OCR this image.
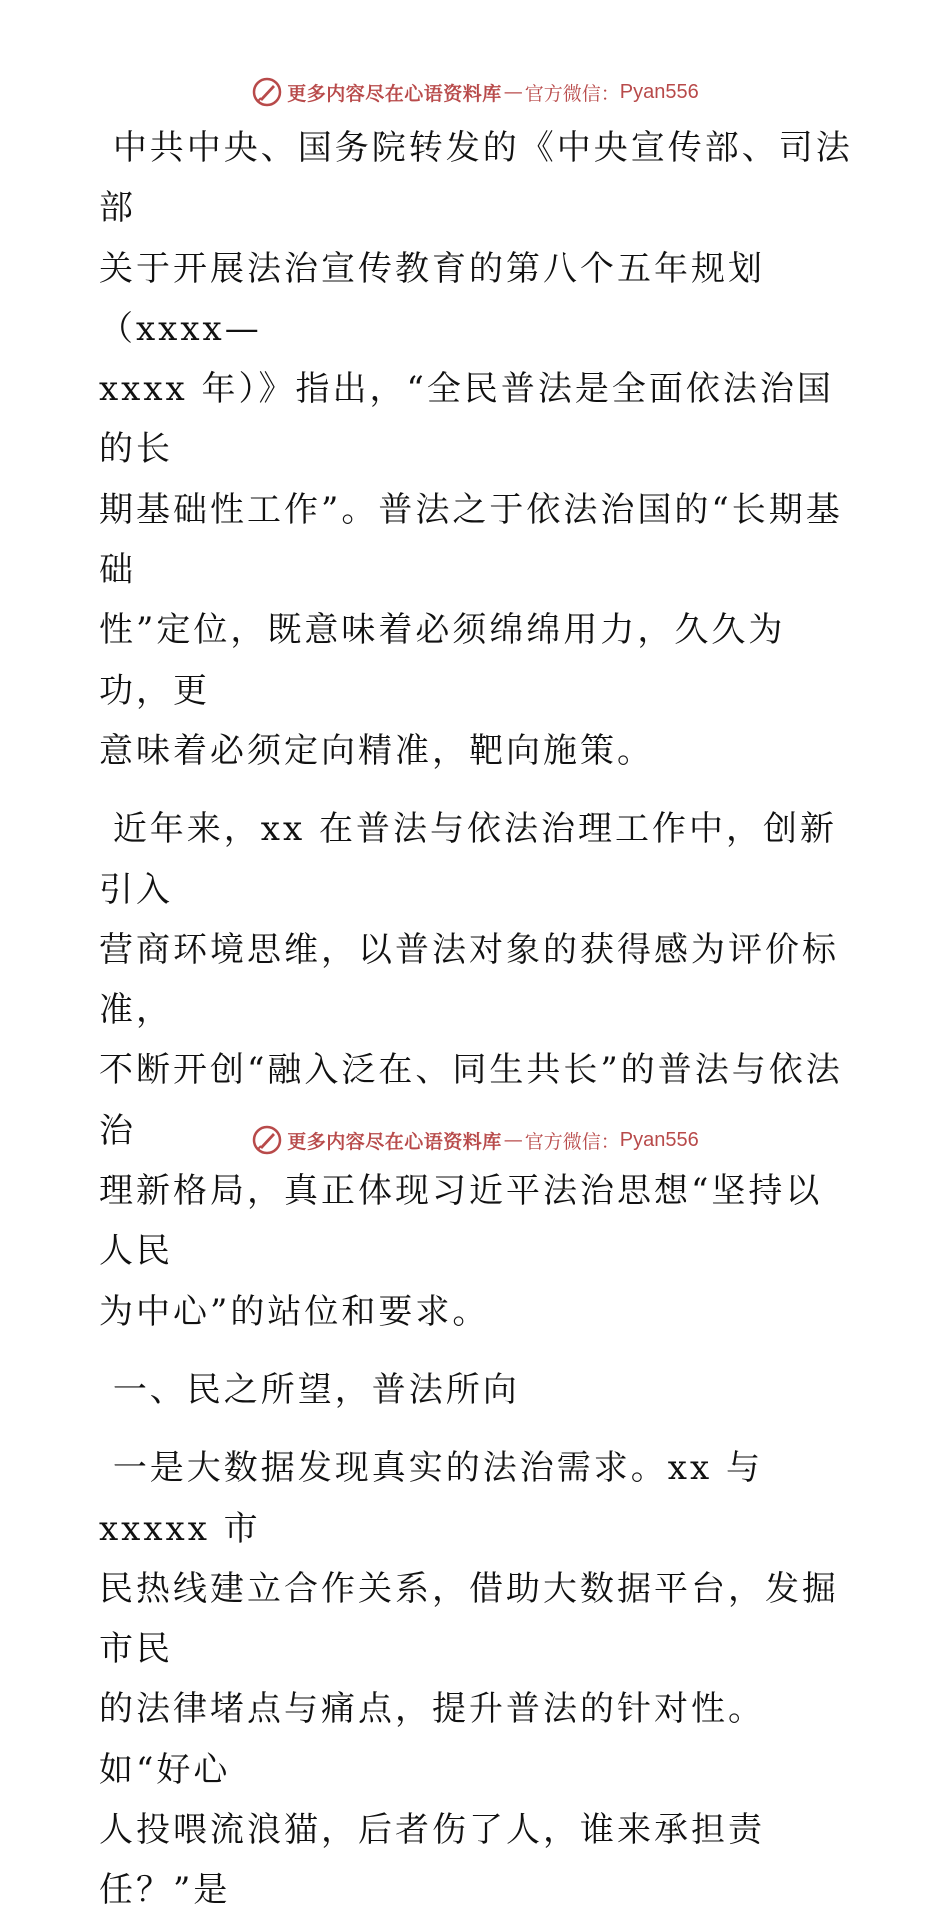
更多内容尽在心语资料库 — 官方微信： Pyan556

中共中央、国务院转发的《中央宣传部、司法部
关于开展法治宣传教育的第八个五年规划（xxxx—
xxxx 年）》指出，“全民普法是全面依法治国的长
期基础性工作”。普法之于依法治国的“长期基础
性”定位，既意味着必须绵绵用力，久久为功，更
意味着必须定向精准，靶向施策。

近年来，xx 在普法与依法治理工作中，创新引入
营商环境思维，以普法对象的获得感为评价标准，
不断开创“融入泛在、同生共长”的普法与依法治
理新格局，真正体现习近平法治思想“坚持以人民
为中心”的站位和要求。

一、民之所望，普法所向

一是大数据发现真实的法治需求。xx 与 xxxxx 市
民热线建立合作关系，借助大数据平台，发掘市民
的法律堵点与痛点，提升普法的针对性。如“好心
人投喂流浪猫，后者伤了人，谁来承担责任？”是

更多内容尽在心语资料库 — 官方微信： Pyan556
